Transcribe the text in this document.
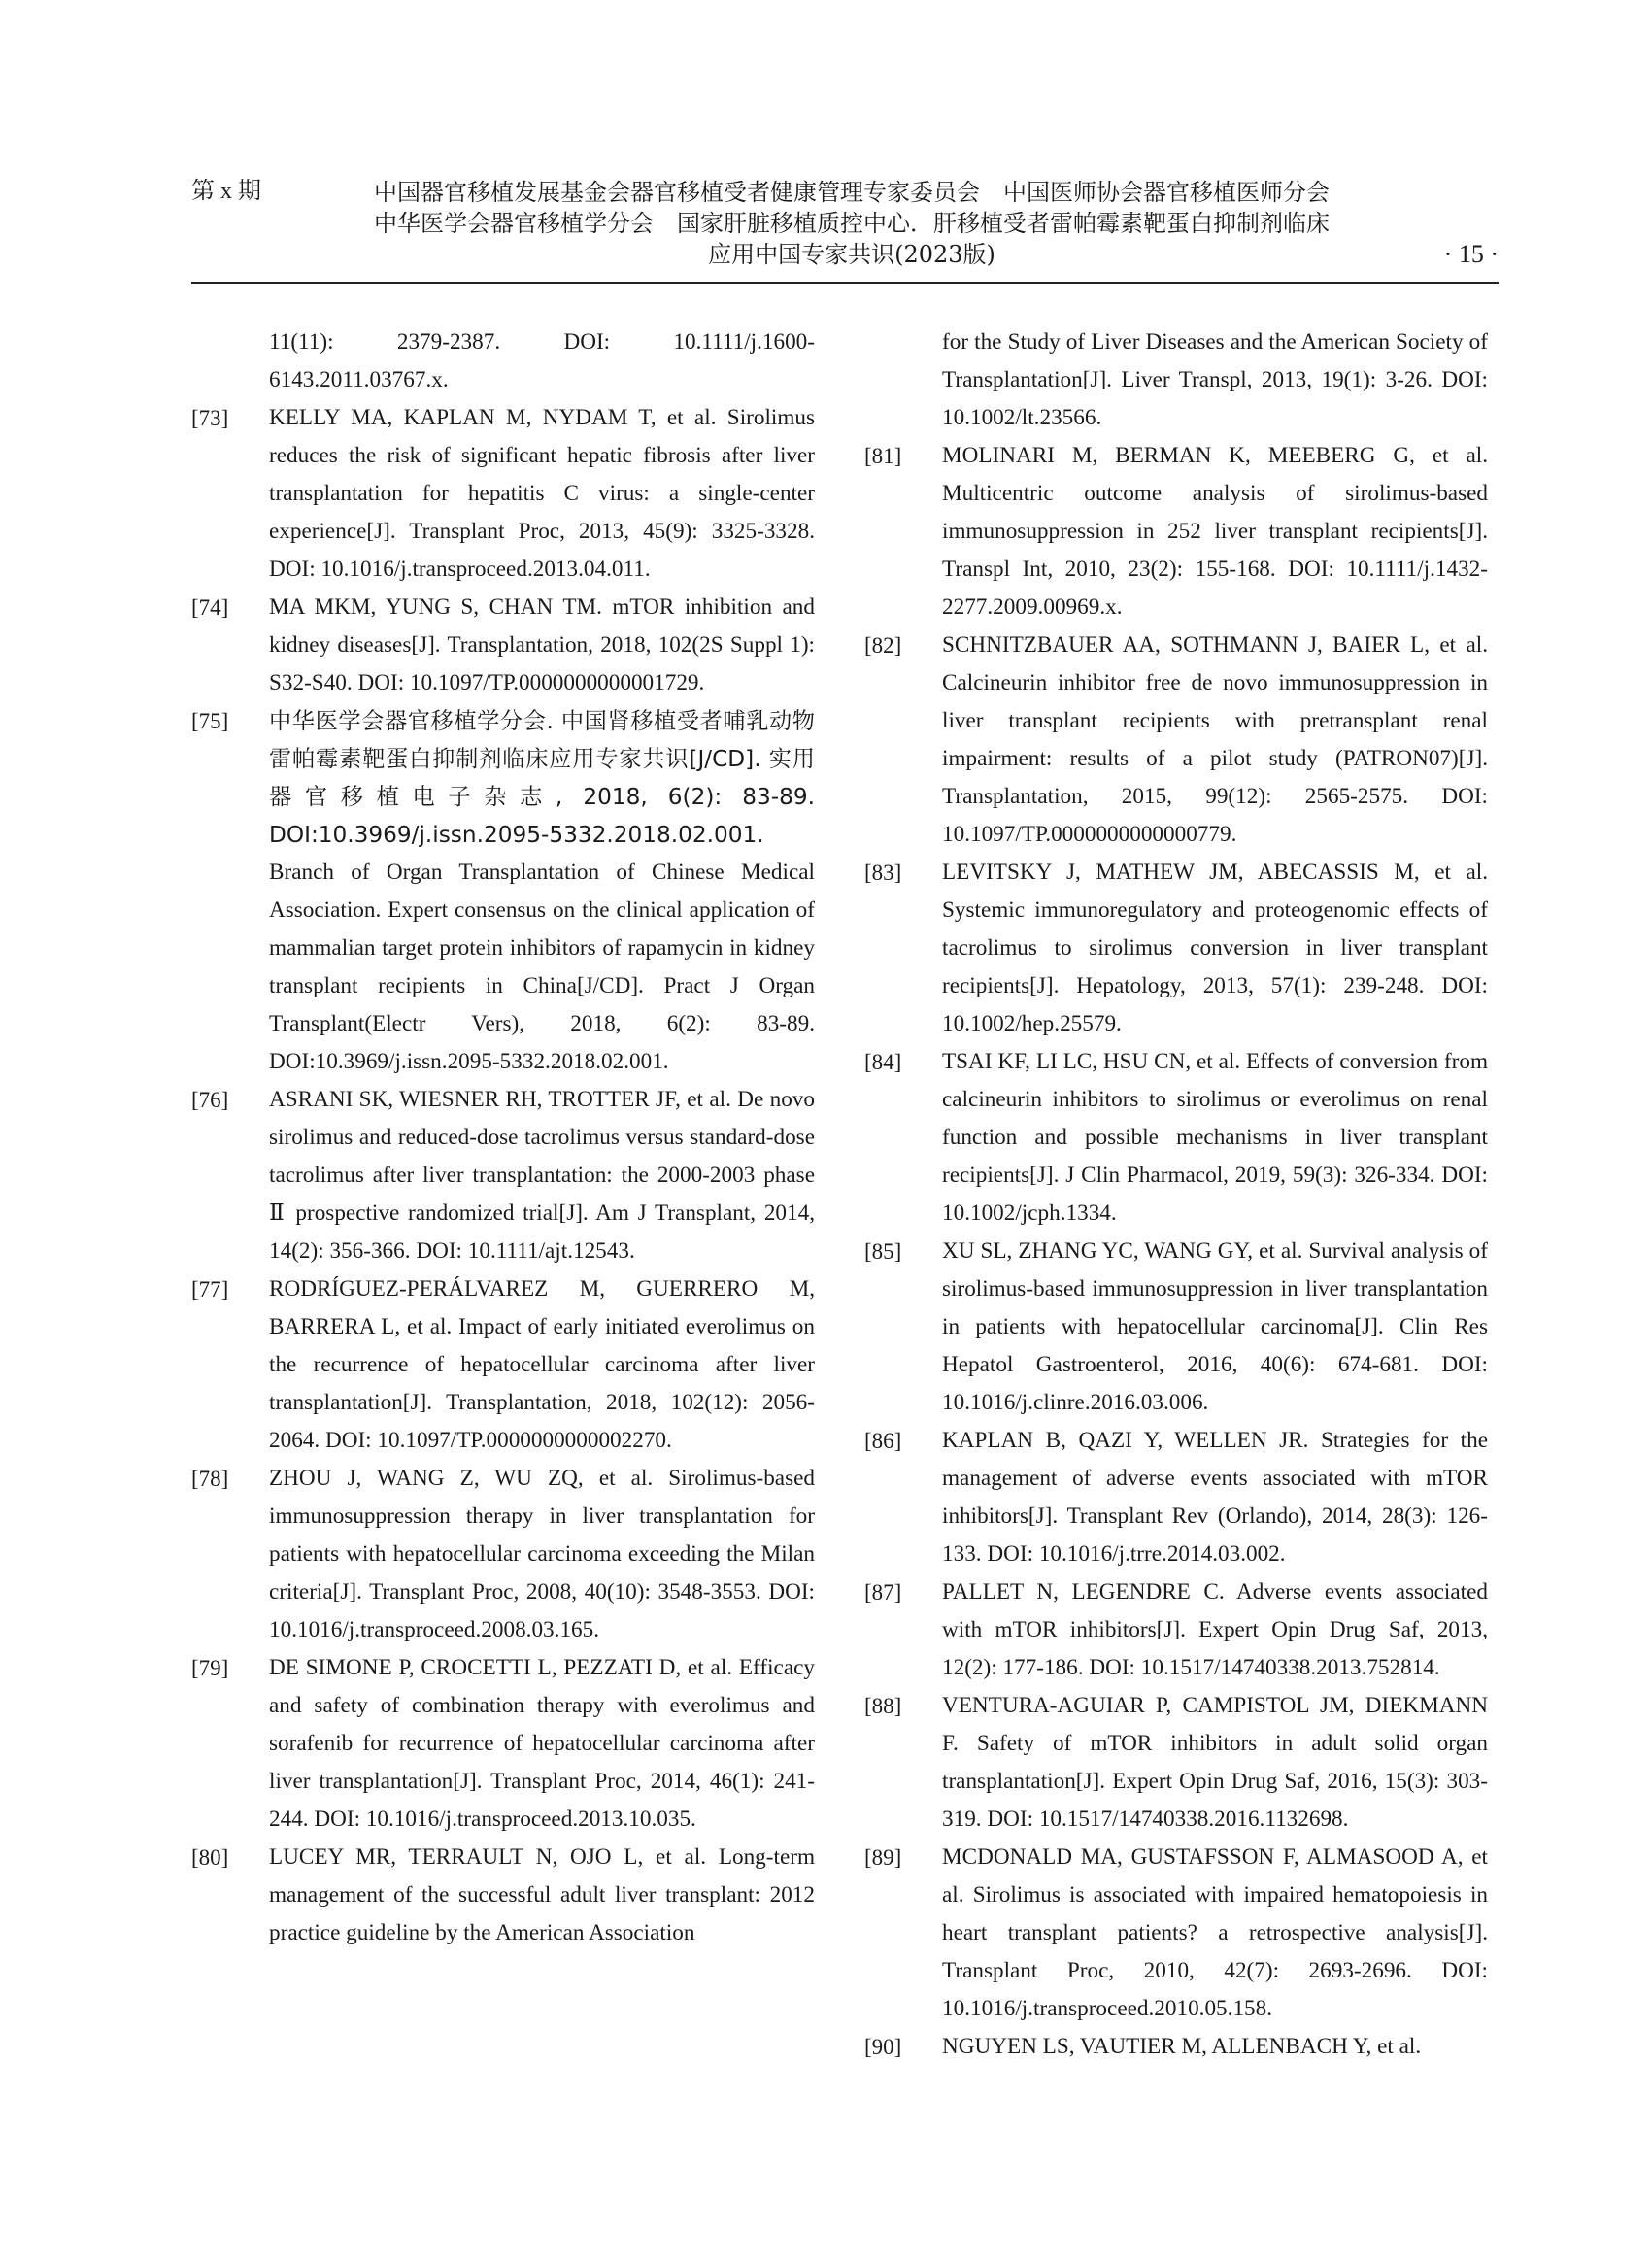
第 x 期	中国器官移植发展基金会器官移植受者健康管理专家委员会　中国医师协会器官移植医师分会
中华医学会器官移植学分会　国家肝脏移植质控中心．肝移植受者雷帕霉素靶蛋白抑制剂临床
应用中国专家共识(2023版)	· 15 ·
11(11): 2379-2387. DOI: 10.1111/j.1600-6143.2011.03767.x.
[73] KELLY MA, KAPLAN M, NYDAM T, et al. Sirolimus reduces the risk of significant hepatic fibrosis after liver transplantation for hepatitis C virus: a single-center experience[J]. Transplant Proc, 2013, 45(9): 3325-3328. DOI: 10.1016/j.transproceed.2013.04.011.
[74] MA MKM, YUNG S, CHAN TM. mTOR inhibition and kidney diseases[J]. Transplantation, 2018, 102(2S Suppl 1): S32-S40. DOI: 10.1097/TP.0000000000001729.
[75] 中华医学会器官移植学分会. 中国肾移植受者哺乳动物雷帕霉素靶蛋白抑制剂临床应用专家共识[J/CD]. 实用器官移植电子杂志, 2018, 6(2): 83-89. DOI:10.3969/j.issn.2095-5332.2018.02.001.
Branch of Organ Transplantation of Chinese Medical Association. Expert consensus on the clinical application of mammalian target protein inhibitors of rapamycin in kidney transplant recipients in China[J/CD]. Pract J Organ Transplant(Electr Vers), 2018, 6(2): 83-89. DOI:10.3969/j.issn.2095-5332.2018.02.001.
[76] ASRANI SK, WIESNER RH, TROTTER JF, et al. De novo sirolimus and reduced-dose tacrolimus versus standard-dose tacrolimus after liver transplantation: the 2000-2003 phase Ⅱ prospective randomized trial[J]. Am J Transplant, 2014, 14(2): 356-366. DOI: 10.1111/ajt.12543.
[77] RODRÍGUEZ-PERÁLVAREZ M, GUERRERO M, BARRERA L, et al. Impact of early initiated everolimus on the recurrence of hepatocellular carcinoma after liver transplantation[J]. Transplantation, 2018, 102(12): 2056-2064. DOI: 10.1097/TP.0000000000002270.
[78] ZHOU J, WANG Z, WU ZQ, et al. Sirolimus-based immunosuppression therapy in liver transplantation for patients with hepatocellular carcinoma exceeding the Milan criteria[J]. Transplant Proc, 2008, 40(10): 3548-3553. DOI: 10.1016/j.transproceed.2008.03.165.
[79] DE SIMONE P, CROCETTI L, PEZZATI D, et al. Efficacy and safety of combination therapy with everolimus and sorafenib for recurrence of hepatocellular carcinoma after liver transplantation[J]. Transplant Proc, 2014, 46(1): 241-244. DOI: 10.1016/j.transproceed.2013.10.035.
[80] LUCEY MR, TERRAULT N, OJO L, et al. Long-term management of the successful adult liver transplant: 2012 practice guideline by the American Association
for the Study of Liver Diseases and the American Society of Transplantation[J]. Liver Transpl, 2013, 19(1): 3-26. DOI: 10.1002/lt.23566.
[81] MOLINARI M, BERMAN K, MEEBERG G, et al. Multicentric outcome analysis of sirolimus-based immunosuppression in 252 liver transplant recipients[J]. Transpl Int, 2010, 23(2): 155-168. DOI: 10.1111/j.1432-2277.2009.00969.x.
[82] SCHNITZBAUER AA, SOTHMANN J, BAIER L, et al. Calcineurin inhibitor free de novo immunosuppression in liver transplant recipients with pretransplant renal impairment: results of a pilot study (PATRON07)[J]. Transplantation, 2015, 99(12): 2565-2575. DOI: 10.1097/TP.0000000000000779.
[83] LEVITSKY J, MATHEW JM, ABECASSIS M, et al. Systemic immunoregulatory and proteogenomic effects of tacrolimus to sirolimus conversion in liver transplant recipients[J]. Hepatology, 2013, 57(1): 239-248. DOI: 10.1002/hep.25579.
[84] TSAI KF, LI LC, HSU CN, et al. Effects of conversion from calcineurin inhibitors to sirolimus or everolimus on renal function and possible mechanisms in liver transplant recipients[J]. J Clin Pharmacol, 2019, 59(3): 326-334. DOI: 10.1002/jcph.1334.
[85] XU SL, ZHANG YC, WANG GY, et al. Survival analysis of sirolimus-based immunosuppression in liver transplantation in patients with hepatocellular carcinoma[J]. Clin Res Hepatol Gastroenterol, 2016, 40(6): 674-681. DOI: 10.1016/j.clinre.2016.03.006.
[86] KAPLAN B, QAZI Y, WELLEN JR. Strategies for the management of adverse events associated with mTOR inhibitors[J]. Transplant Rev (Orlando), 2014, 28(3): 126-133. DOI: 10.1016/j.trre.2014.03.002.
[87] PALLET N, LEGENDRE C. Adverse events associated with mTOR inhibitors[J]. Expert Opin Drug Saf, 2013, 12(2): 177-186. DOI: 10.1517/14740338.2013.752814.
[88] VENTURA-AGUIAR P, CAMPISTOL JM, DIEKMANN F. Safety of mTOR inhibitors in adult solid organ transplantation[J]. Expert Opin Drug Saf, 2016, 15(3): 303-319. DOI: 10.1517/14740338.2016.1132698.
[89] MCDONALD MA, GUSTAFSSON F, ALMASOOD A, et al. Sirolimus is associated with impaired hematopoiesis in heart transplant patients? a retrospective analysis[J]. Transplant Proc, 2010, 42(7): 2693-2696. DOI: 10.1016/j.transproceed.2010.05.158.
[90] NGUYEN LS, VAUTIER M, ALLENBACH Y, et al.
